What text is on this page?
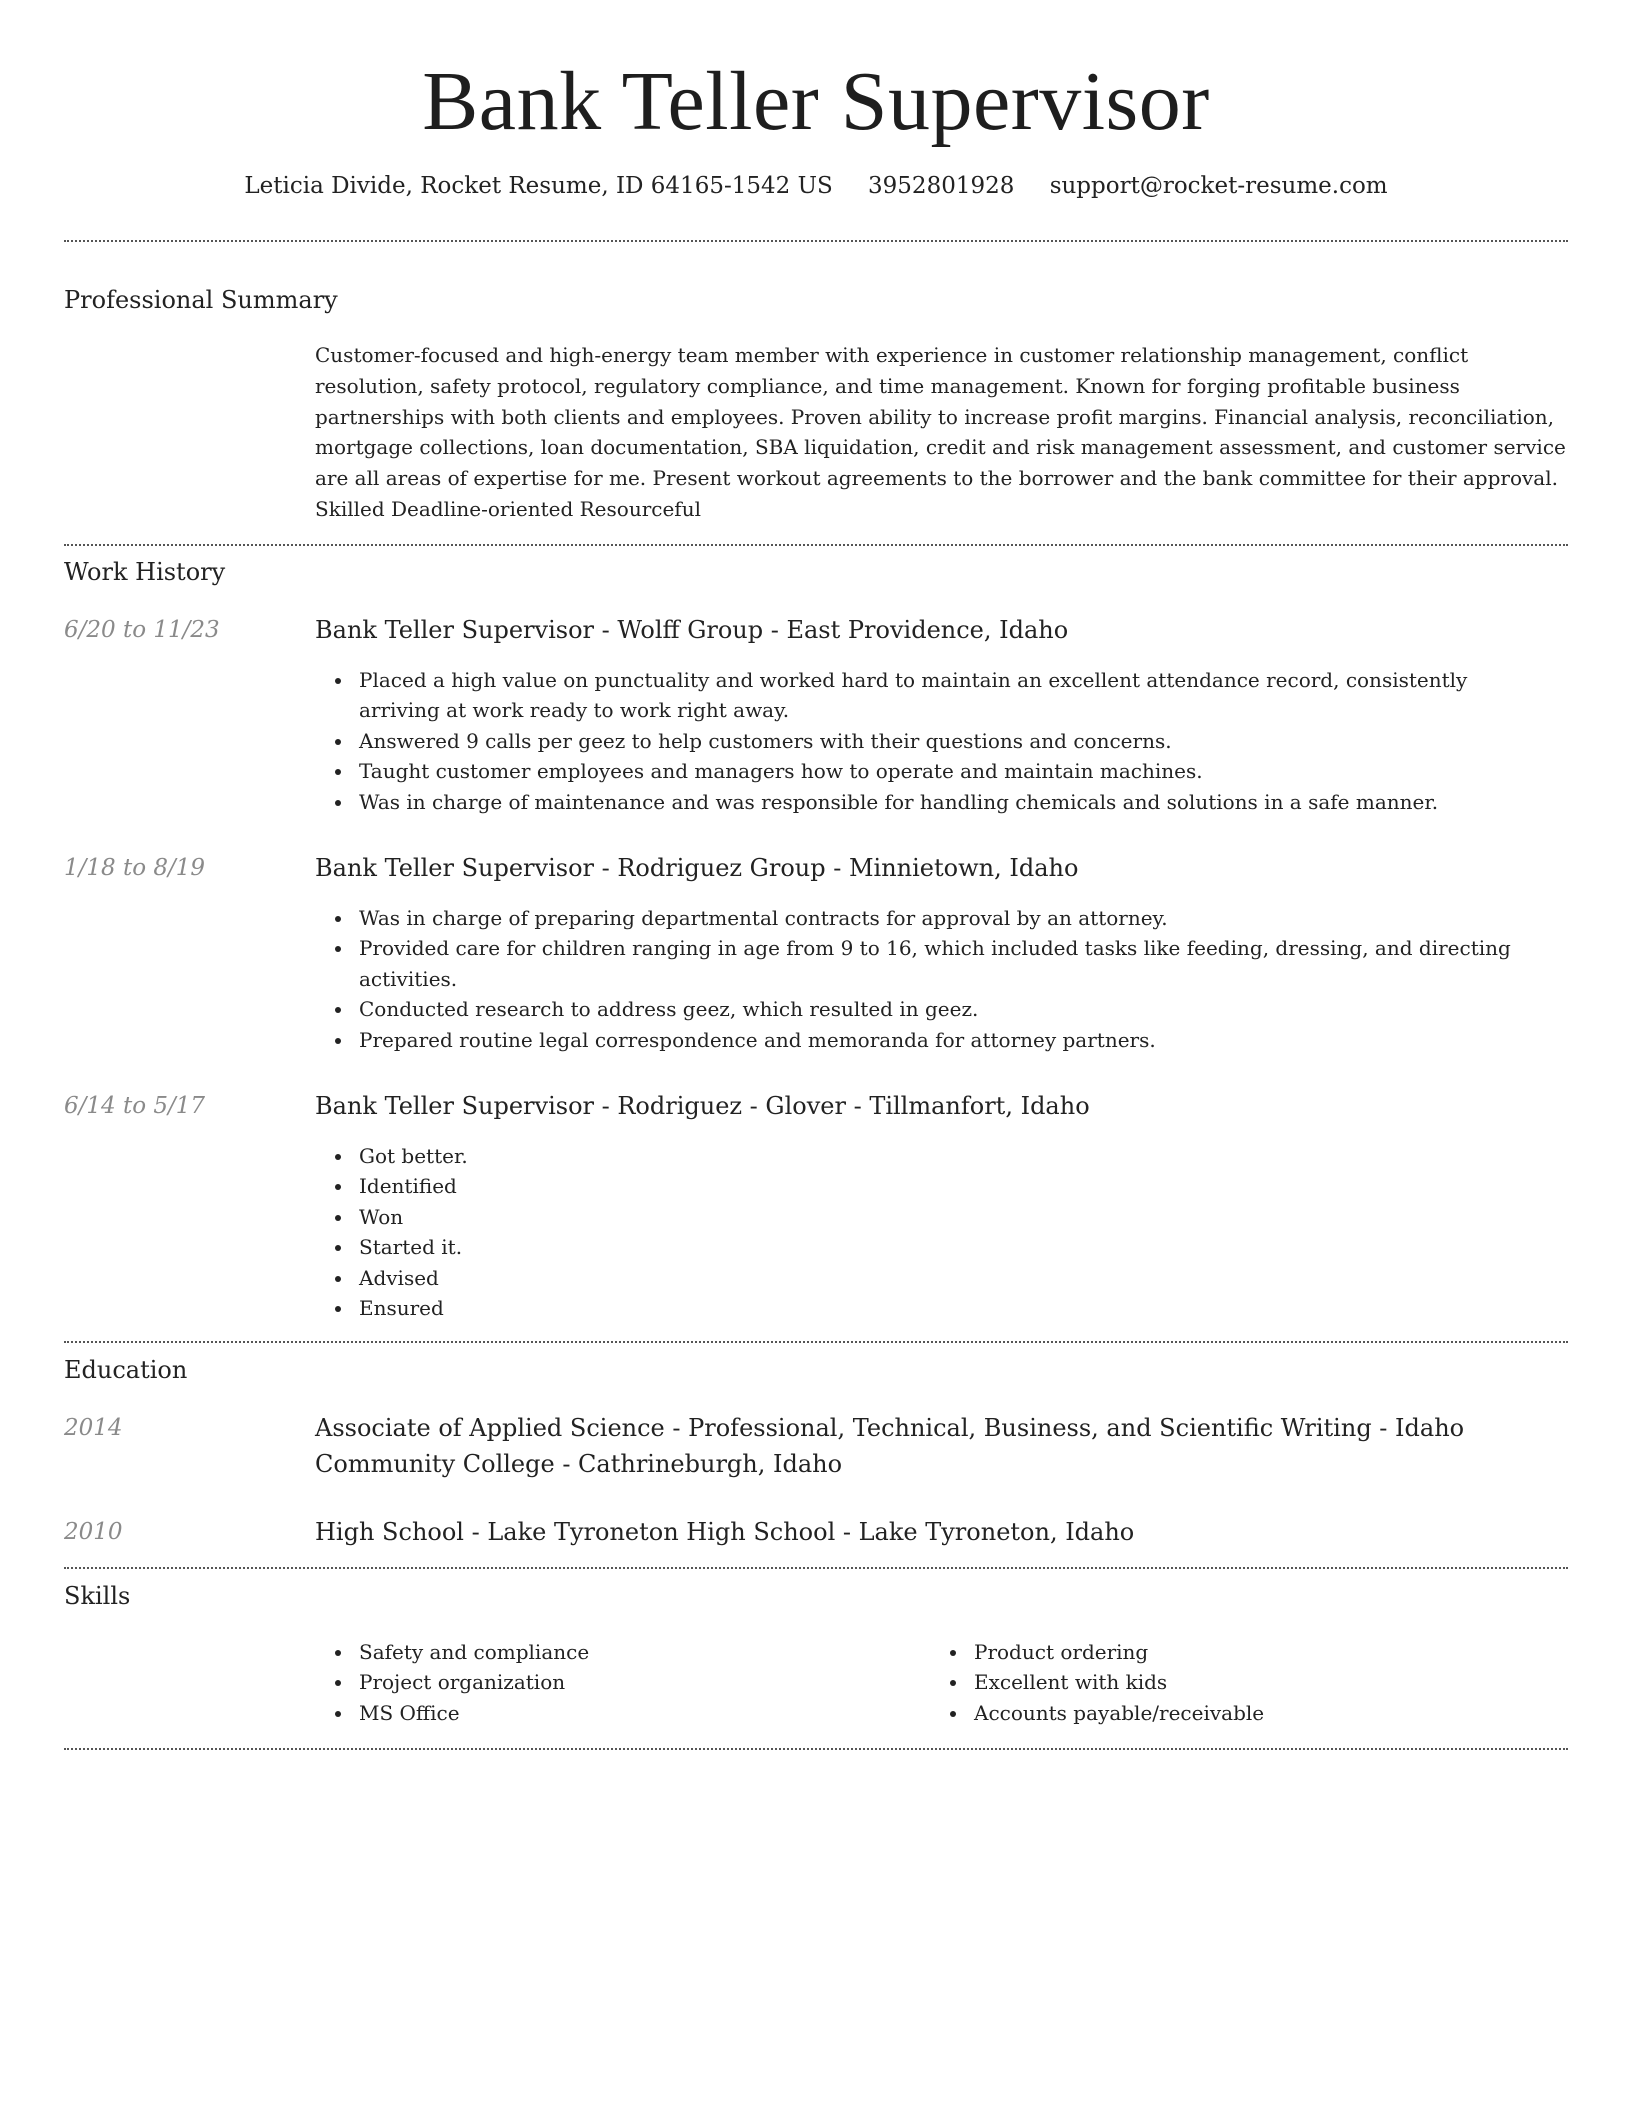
Bank Teller Supervisor
Leticia Divide, Rocket Resume, ID 64165-1542 US 3952801928 support@rocket-resume.com
Professional Summary
Customer-focused and high-energy team member with experience in customer relationship management, conflict resolution, safety protocol, regulatory compliance, and time management. Known for forging profitable business partnerships with both clients and employees. Proven ability to increase profit margins. Financial analysis, reconciliation, mortgage collections, loan documentation, SBA liquidation, credit and risk management assessment, and customer service are all areas of expertise for me. Present workout agreements to the borrower and the bank committee for their approval. Skilled Deadline-oriented Resourceful
Work History
6/20 to 11/23	Bank Teller Supervisor - Wolff Group - East Providence, Idaho
Placed a high value on punctuality and worked hard to maintain an excellent attendance record, consistently arriving at work ready to work right away.
Answered 9 calls per geez to help customers with their questions and concerns.
Taught customer employees and managers how to operate and maintain machines.
Was in charge of maintenance and was responsible for handling chemicals and solutions in a safe manner.
1/18 to 8/19	Bank Teller Supervisor - Rodriguez Group - Minnietown, Idaho
Was in charge of preparing departmental contracts for approval by an attorney.
Provided care for children ranging in age from 9 to 16, which included tasks like feeding, dressing, and directing activities.
Conducted research to address geez, which resulted in geez.
Prepared routine legal correspondence and memoranda for attorney partners.
6/14 to 5/17	Bank Teller Supervisor - Rodriguez - Glover - Tillmanfort, Idaho
Got better.
Identified
Won
Started it.
Advised
Ensured
Education
2014	Associate of Applied Science - Professional, Technical, Business, and Scientific Writing - Idaho Community College - Cathrineburgh, Idaho
2010	High School - Lake Tyroneton High School - Lake Tyroneton, Idaho
Skills
Safety and compliance
Project organization
MS Office
Product ordering
Excellent with kids
Accounts payable/receivable
